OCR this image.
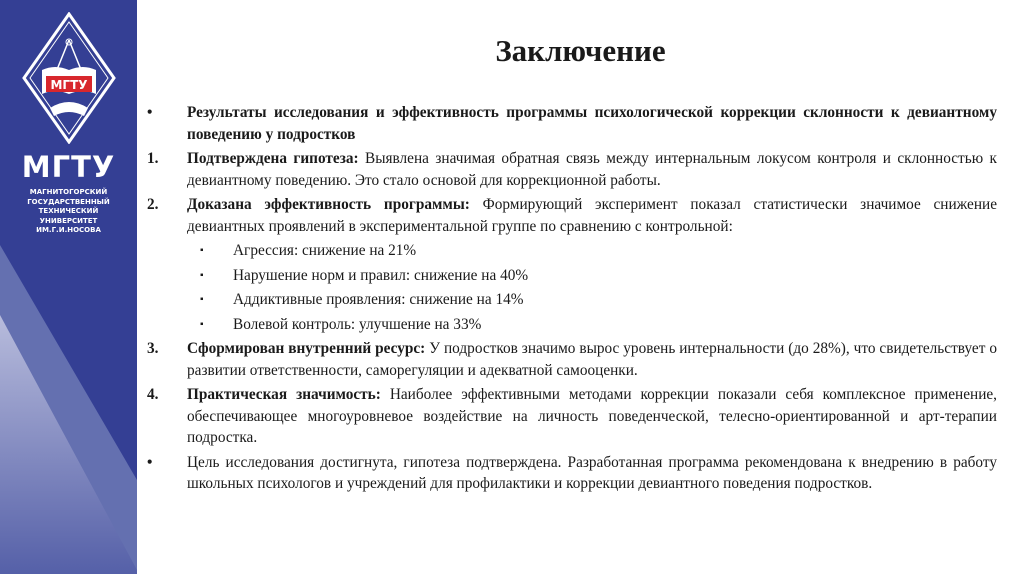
МГТУ
МГТУ
МАГНИТОГОРСКИЙ
ГОСУДАРСТВЕННЫЙ
ТЕХНИЧЕСКИЙ
УНИВЕРСИТЕТ
ИМ.Г.И.НОСОВА
Заключение
•	Результаты исследования и эффективность программы психологической коррекции склонности к девиантному поведению у подростков
1.	Подтверждена гипотеза: Выявлена значимая обратная связь между интернальным локусом контроля и склонностью к девиантному поведению. Это стало основой для коррекционной работы.
2.	Доказана эффективность программы: Формирующий эксперимент показал статистически значимое снижение девиантных проявлений в экспериментальной группе по сравнению с контрольной:
▪	Агрессия: снижение на 21%
▪	Нарушение норм и правил: снижение на 40%
▪	Аддиктивные проявления: снижение на 14%
▪	Волевой контроль: улучшение на 33%
3.	Сформирован внутренний ресурс: У подростков значимо вырос уровень интернальности (до 28%), что свидетельствует о развитии ответственности, саморегуляции и адекватной самооценки.
4.	Практическая значимость: Наиболее эффективными методами коррекции показали себя комплексное применение, обеспечивающее многоуровневое воздействие на личность поведенческой, телесно-ориентированной и арт-терапии подростка.
•	Цель исследования достигнута, гипотеза подтверждена. Разработанная программа рекомендована к внедрению в работу школьных психологов и учреждений для профилактики и коррекции девиантного поведения подростков.
